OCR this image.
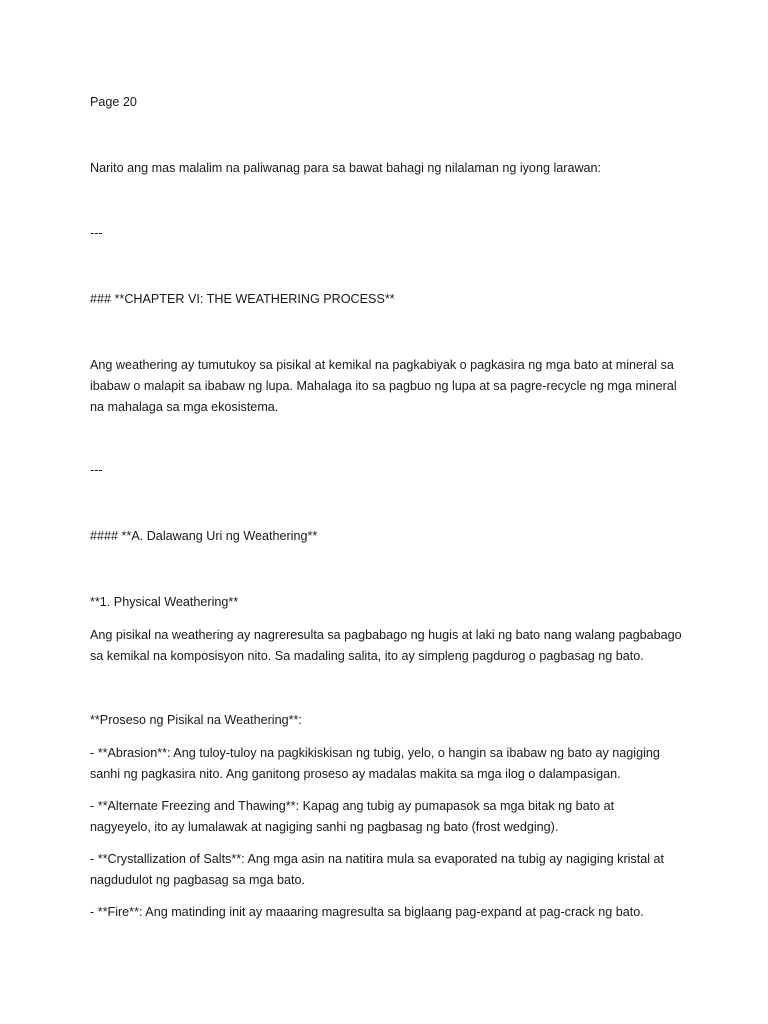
Page 20

Narito ang mas malalim na paliwanag para sa bawat bahagi ng nilalaman ng iyong larawan:

---

### **CHAPTER VI: THE WEATHERING PROCESS**

Ang weathering ay tumutukoy sa pisikal at kemikal na pagkabiyak o pagkasira ng mga bato at mineral sa
ibabaw o malapit sa ibabaw ng lupa. Mahalaga ito sa pagbuo ng lupa at sa pagre-recycle ng mga mineral
na mahalaga sa mga ekosistema.

---

#### **A. Dalawang Uri ng Weathering**

**1. Physical Weathering**

Ang pisikal na weathering ay nagreresulta sa pagbabago ng hugis at laki ng bato nang walang pagbabago
sa kemikal na komposisyon nito. Sa madaling salita, ito ay simpleng pagdurog o pagbasag ng bato.

**Proseso ng Pisikal na Weathering**:

- **Abrasion**: Ang tuloy-tuloy na pagkikiskisan ng tubig, yelo, o hangin sa ibabaw ng bato ay nagiging
sanhi ng pagkasira nito. Ang ganitong proseso ay madalas makita sa mga ilog o dalampasigan.
- **Alternate Freezing and Thawing**: Kapag ang tubig ay pumapasok sa mga bitak ng bato at
nagyeyelo, ito ay lumalawak at nagiging sanhi ng pagbasag ng bato (frost wedging).
- **Crystallization of Salts**: Ang mga asin na natitira mula sa evaporated na tubig ay nagiging kristal at
nagdudulot ng pagbasag sa mga bato.
- **Fire**: Ang matinding init ay maaaring magresulta sa biglaang pag-expand at pag-crack ng bato.
